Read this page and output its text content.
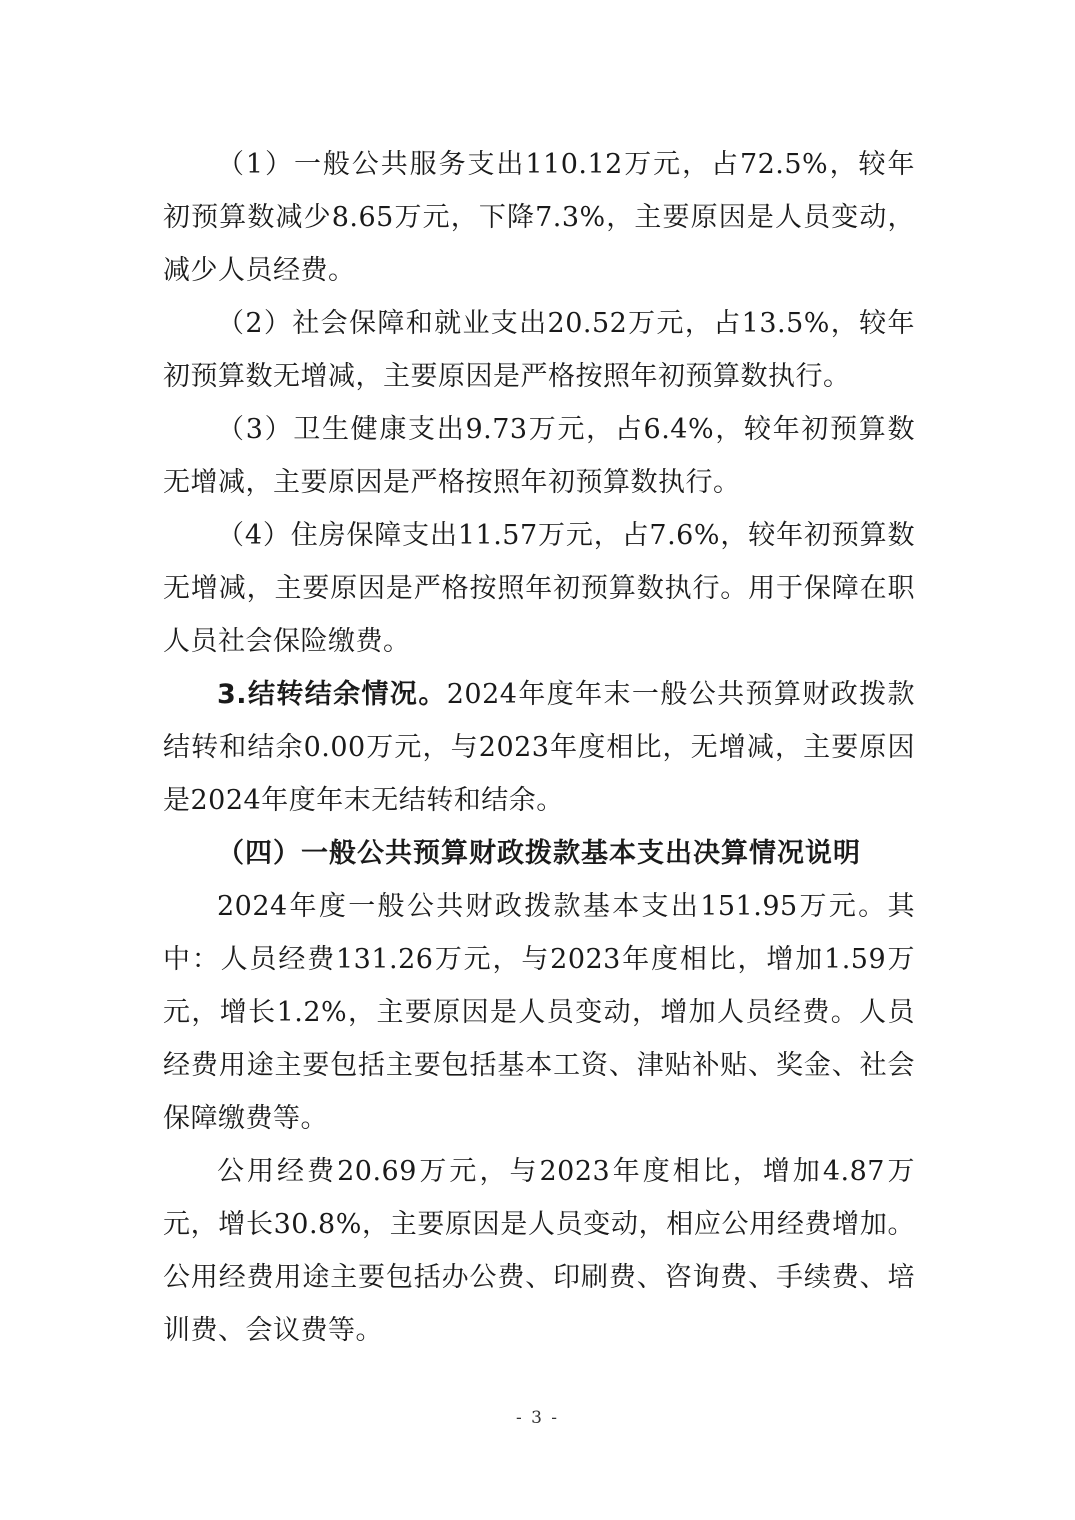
（1）一般公共服务支出110.12万元，占72.5%，较年初预算数减少8.65万元，下降7.3%，主要原因是人员变动，减少人员经费。

（2）社会保障和就业支出20.52万元，占13.5%，较年初预算数无增减，主要原因是严格按照年初预算数执行。

（3）卫生健康支出9.73万元，占6.4%，较年初预算数无增减，主要原因是严格按照年初预算数执行。

（4）住房保障支出11.57万元，占7.6%，较年初预算数无增减，主要原因是严格按照年初预算数执行。用于保障在职人员社会保险缴费。

3.结转结余情况。2024年度年末一般公共预算财政拨款结转和结余0.00万元，与2023年度相比，无增减，主要原因是2024年度年末无结转和结余。

（四）一般公共预算财政拨款基本支出决算情况说明

2024年度一般公共财政拨款基本支出151.95万元。其中：人员经费131.26万元，与2023年度相比，增加1.59万元，增长1.2%，主要原因是人员变动，增加人员经费。人员经费用途主要包括主要包括基本工资、津贴补贴、奖金、社会保障缴费等。

公用经费20.69万元，与2023年度相比，增加4.87万元，增长30.8%，主要原因是人员变动，相应公用经费增加。公用经费用途主要包括办公费、印刷费、咨询费、手续费、培训费、会议费等。

- 3 -
